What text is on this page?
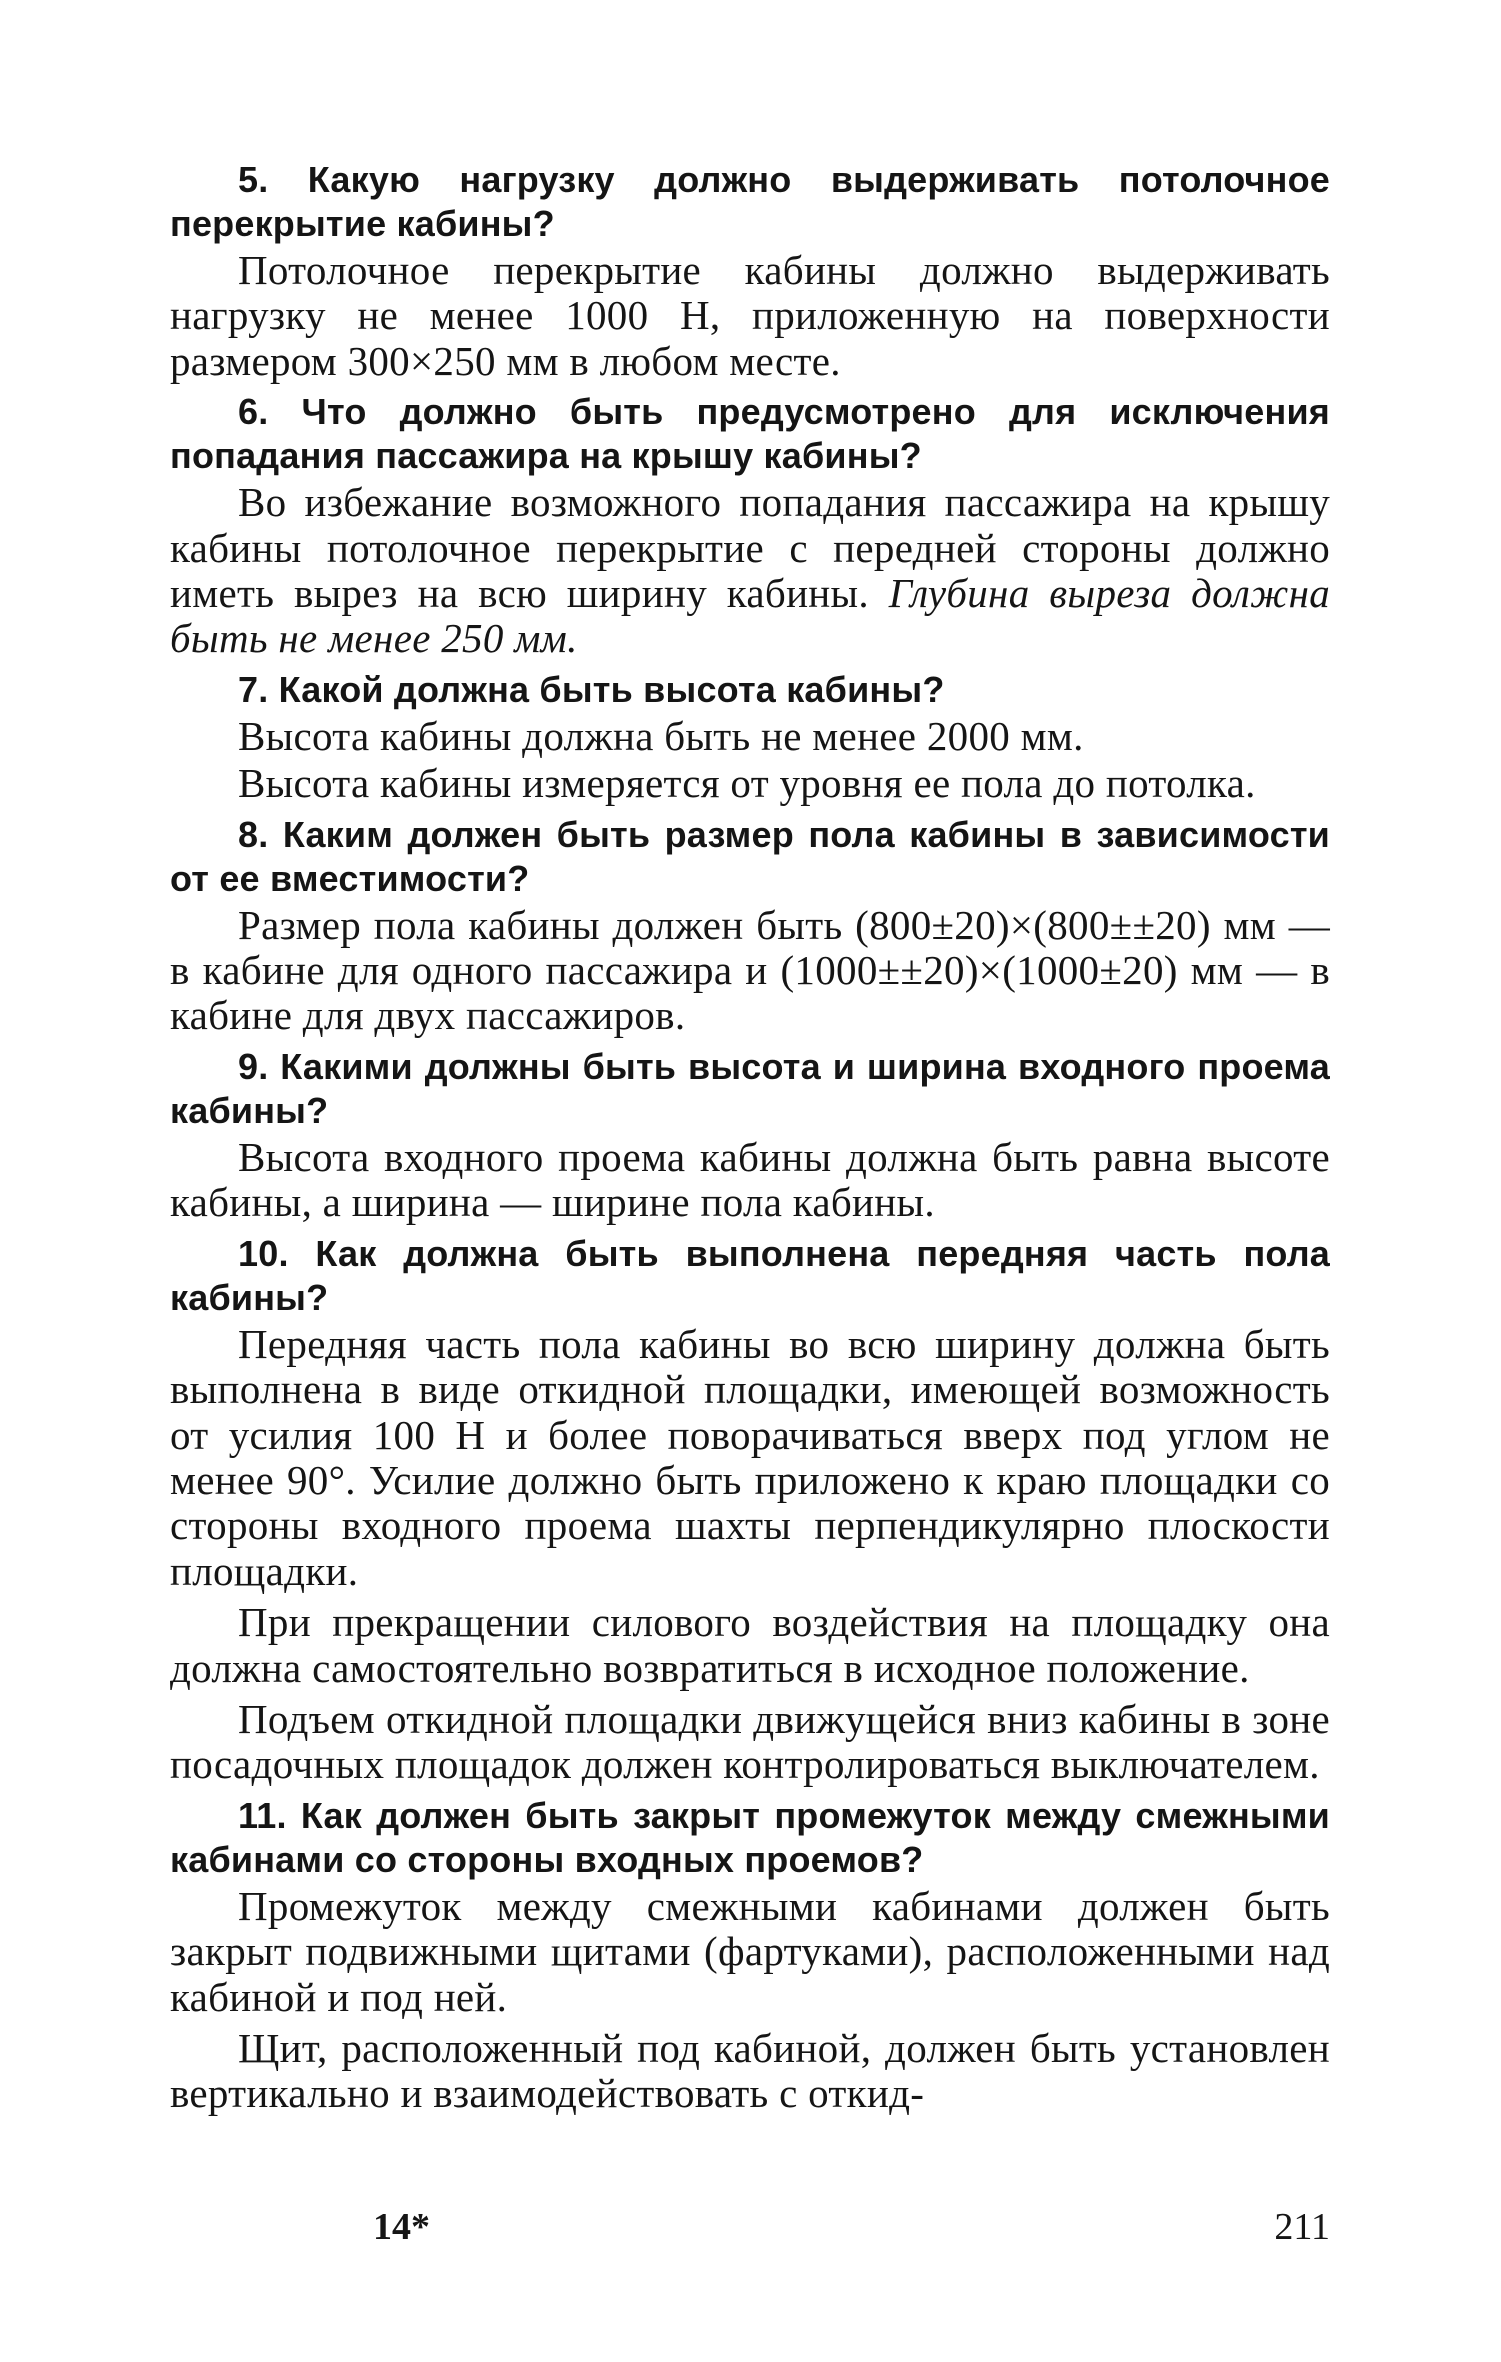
5. Какую нагрузку должно выдерживать потолочное перекрытие кабины?

Потолочное перекрытие кабины должно выдерживать нагрузку не менее 1000 Н, приложенную на поверхности размером 300×250 мм в любом месте.

6. Что должно быть предусмотрено для исключения попадания пассажира на крышу кабины?

Во избежание возможного попадания пассажира на крышу кабины потолочное перекрытие с передней стороны должно иметь вырез на всю ширину кабины. Глубина выреза должна быть не менее 250 мм.

7. Какой должна быть высота кабины?

Высота кабины должна быть не менее 2000 мм.

Высота кабины измеряется от уровня ее пола до потолка.

8. Каким должен быть размер пола кабины в зависимости от ее вместимости?

Размер пола кабины должен быть (800±20)×(800±±20) мм — в кабине для одного пассажира и (1000±±20)×(1000±20) мм — в кабине для двух пассажиров.

9. Какими должны быть высота и ширина входного проема кабины?

Высота входного проема кабины должна быть равна высоте кабины, а ширина — ширине пола кабины.

10. Как должна быть выполнена передняя часть пола кабины?

Передняя часть пола кабины во всю ширину должна быть выполнена в виде откидной площадки, имеющей возможность от усилия 100 Н и более поворачиваться вверх под углом не менее 90°. Усилие должно быть приложено к краю площадки со стороны входного проема шахты перпендикулярно плоскости площадки.

При прекращении силового воздействия на площадку она должна самостоятельно возвратиться в исходное положение.

Подъем откидной площадки движущейся вниз кабины в зоне посадочных площадок должен контролироваться выключателем.

11. Как должен быть закрыт промежуток между смежными кабинами со стороны входных проемов?

Промежуток между смежными кабинами должен быть закрыт подвижными щитами (фартуками), расположенными над кабиной и под ней.

Щит, расположенный под кабиной, должен быть установлен вертикально и взаимодействовать с откид-

14*	211
